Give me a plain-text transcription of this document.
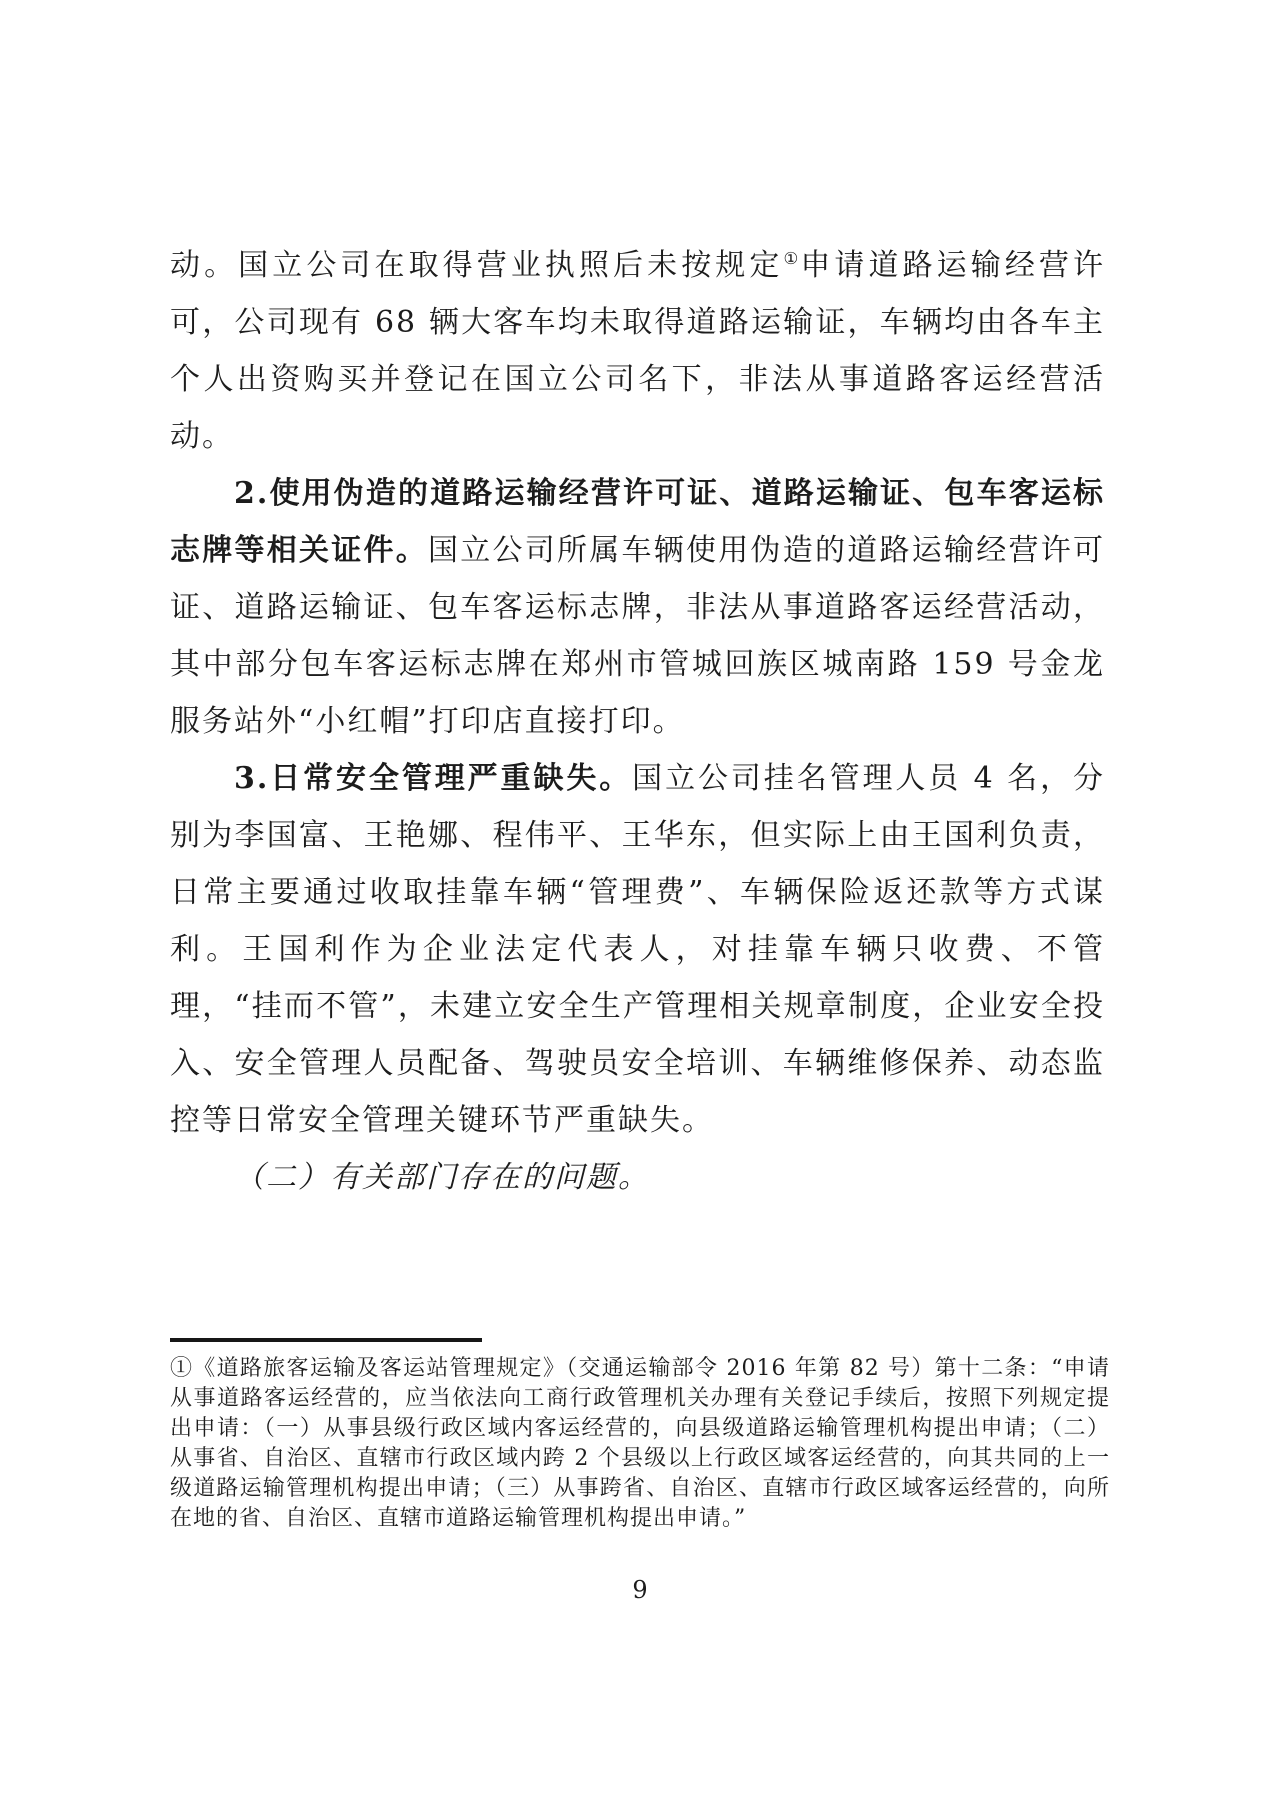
动。国立公司在取得营业执照后未按规定①申请道路运输经营许可，公司现有 68 辆大客车均未取得道路运输证，车辆均由各车主个人出资购买并登记在国立公司名下，非法从事道路客运经营活动。

2.使用伪造的道路运输经营许可证、道路运输证、包车客运标志牌等相关证件。国立公司所属车辆使用伪造的道路运输经营许可证、道路运输证、包车客运标志牌，非法从事道路客运经营活动，其中部分包车客运标志牌在郑州市管城回族区城南路 159 号金龙服务站外“小红帽”打印店直接打印。

3.日常安全管理严重缺失。国立公司挂名管理人员 4 名，分别为李国富、王艳娜、程伟平、王华东，但实际上由王国利负责，日常主要通过收取挂靠车辆“管理费”、车辆保险返还款等方式谋利。王国利作为企业法定代表人，对挂靠车辆只收费、不管理，“挂而不管”，未建立安全生产管理相关规章制度，企业安全投入、安全管理人员配备、驾驶员安全培训、车辆维修保养、动态监控等日常安全管理关键环节严重缺失。

（二）有关部门存在的问题。

①《道路旅客运输及客运站管理规定》（交通运输部令 2016 年第 82 号）第十二条：“申请从事道路客运经营的，应当依法向工商行政管理机关办理有关登记手续后，按照下列规定提出申请：（一）从事县级行政区域内客运经营的，向县级道路运输管理机构提出申请；（二）从事省、自治区、直辖市行政区域内跨 2 个县级以上行政区域客运经营的，向其共同的上一级道路运输管理机构提出申请；（三）从事跨省、自治区、直辖市行政区域客运经营的，向所在地的省、自治区、直辖市道路运输管理机构提出申请。”

9
